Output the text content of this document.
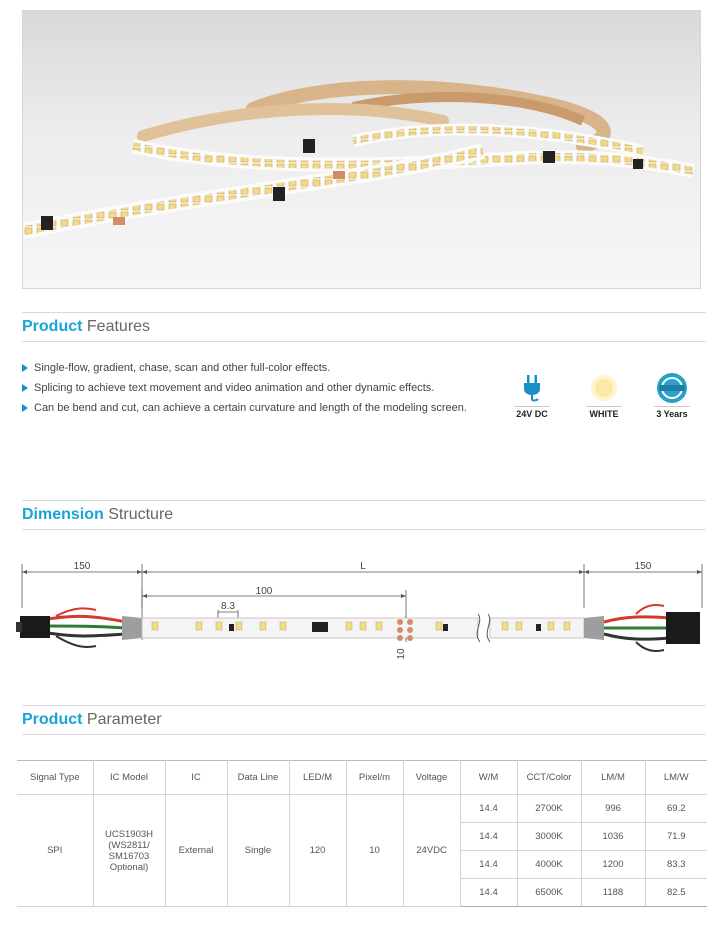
Product Features
Single-flow, gradient, chase, scan and other full-color effects.
Splicing to achieve text movement and video animation and other dynamic effects.
Can be bend and cut, can achieve a certain curvature and length of the modeling screen.	24V DC	WHITE	3 Years
Dimension Structure
150	L	150
100
8.3
10
Product Parameter
Signal Type	IC Model	IC	Data Line	LED/M	Pixel/m	Voltage	W/M	CCT/Color	LM/M	LM/W
SPI	UCS1903H
(WS2811/
SM16703
Optional)	External	Single	120	10	24VDC	14.4	2700K	996	69.2
							14.4	3000K	1036	71.9
							14.4	4000K	1200	83.3
							14.4	6500K	1188	82.5
